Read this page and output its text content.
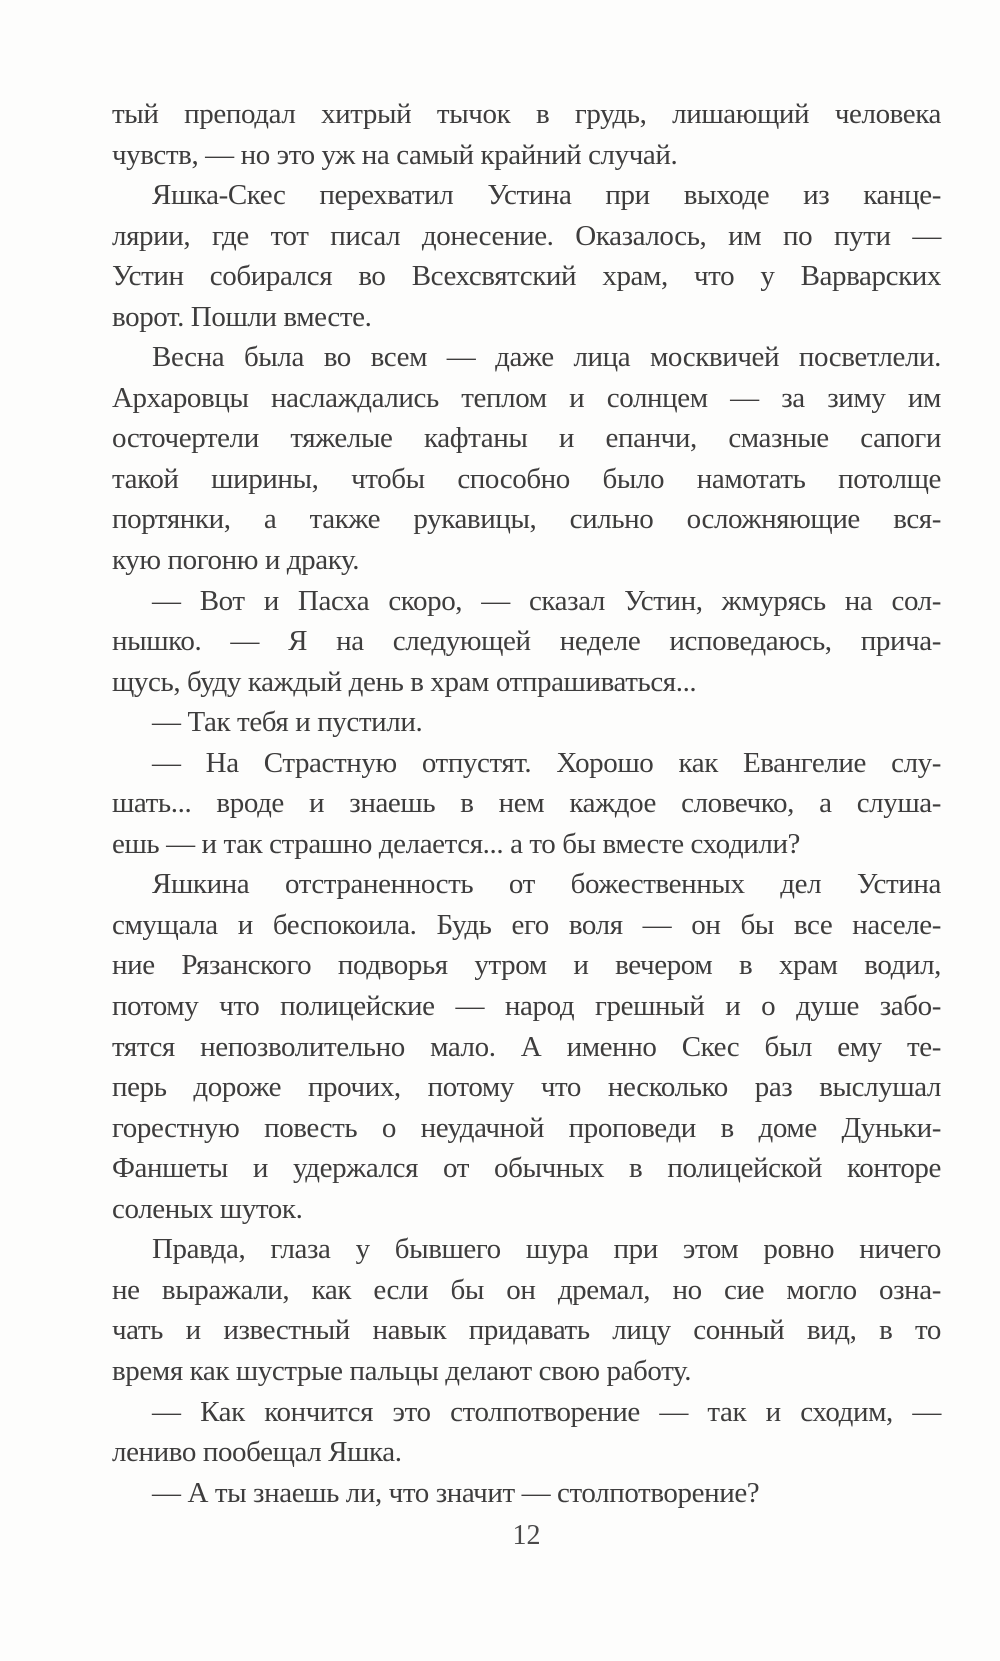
тый преподал хитрый тычок в грудь, лишающий человека
чувств, — но это уж на самый крайний случай.
Яшка-Скес перехватил Устина при выходе из канце-
лярии, где тот писал донесение. Оказалось, им по пути —
Устин собирался во Всехсвятский храм, что у Варварских
ворот. Пошли вместе.
Весна была во всем — даже лица москвичей посветлели.
Архаровцы наслаждались теплом и солнцем — за зиму им
осточертели тяжелые кафтаны и епанчи, смазные сапоги
такой ширины, чтобы способно было намотать потолще
портянки, а также рукавицы, сильно осложняющие вся-
кую погоню и драку.
— Вот и Пасха скоро, — сказал Устин, жмурясь на сол-
нышко. — Я на следующей неделе исповедаюсь, прича-
щусь, буду каждый день в храм отпрашиваться...
— Так тебя и пустили.
— На Страстную отпустят. Хорошо как Евангелие слу-
шать... вроде и знаешь в нем каждое словечко, а слуша-
ешь — и так страшно делается... а то бы вместе сходили?
Яшкина отстраненность от божественных дел Устина
смущала и беспокоила. Будь его воля — он бы все населе-
ние Рязанского подворья утром и вечером в храм водил,
потому что полицейские — народ грешный и о душе забо-
тятся непозволительно мало. А именно Скес был ему те-
перь дороже прочих, потому что несколько раз выслушал
горестную повесть о неудачной проповеди в доме Дуньки-
Фаншеты и удержался от обычных в полицейской конторе
соленых шуток.
Правда, глаза у бывшего шура при этом ровно ничего
не выражали, как если бы он дремал, но сие могло озна-
чать и известный навык придавать лицу сонный вид, в то
время как шустрые пальцы делают свою работу.
— Как кончится это столпотворение — так и сходим, —
лениво пообещал Яшка.
— А ты знаешь ли, что значит — столпотворение?
12
